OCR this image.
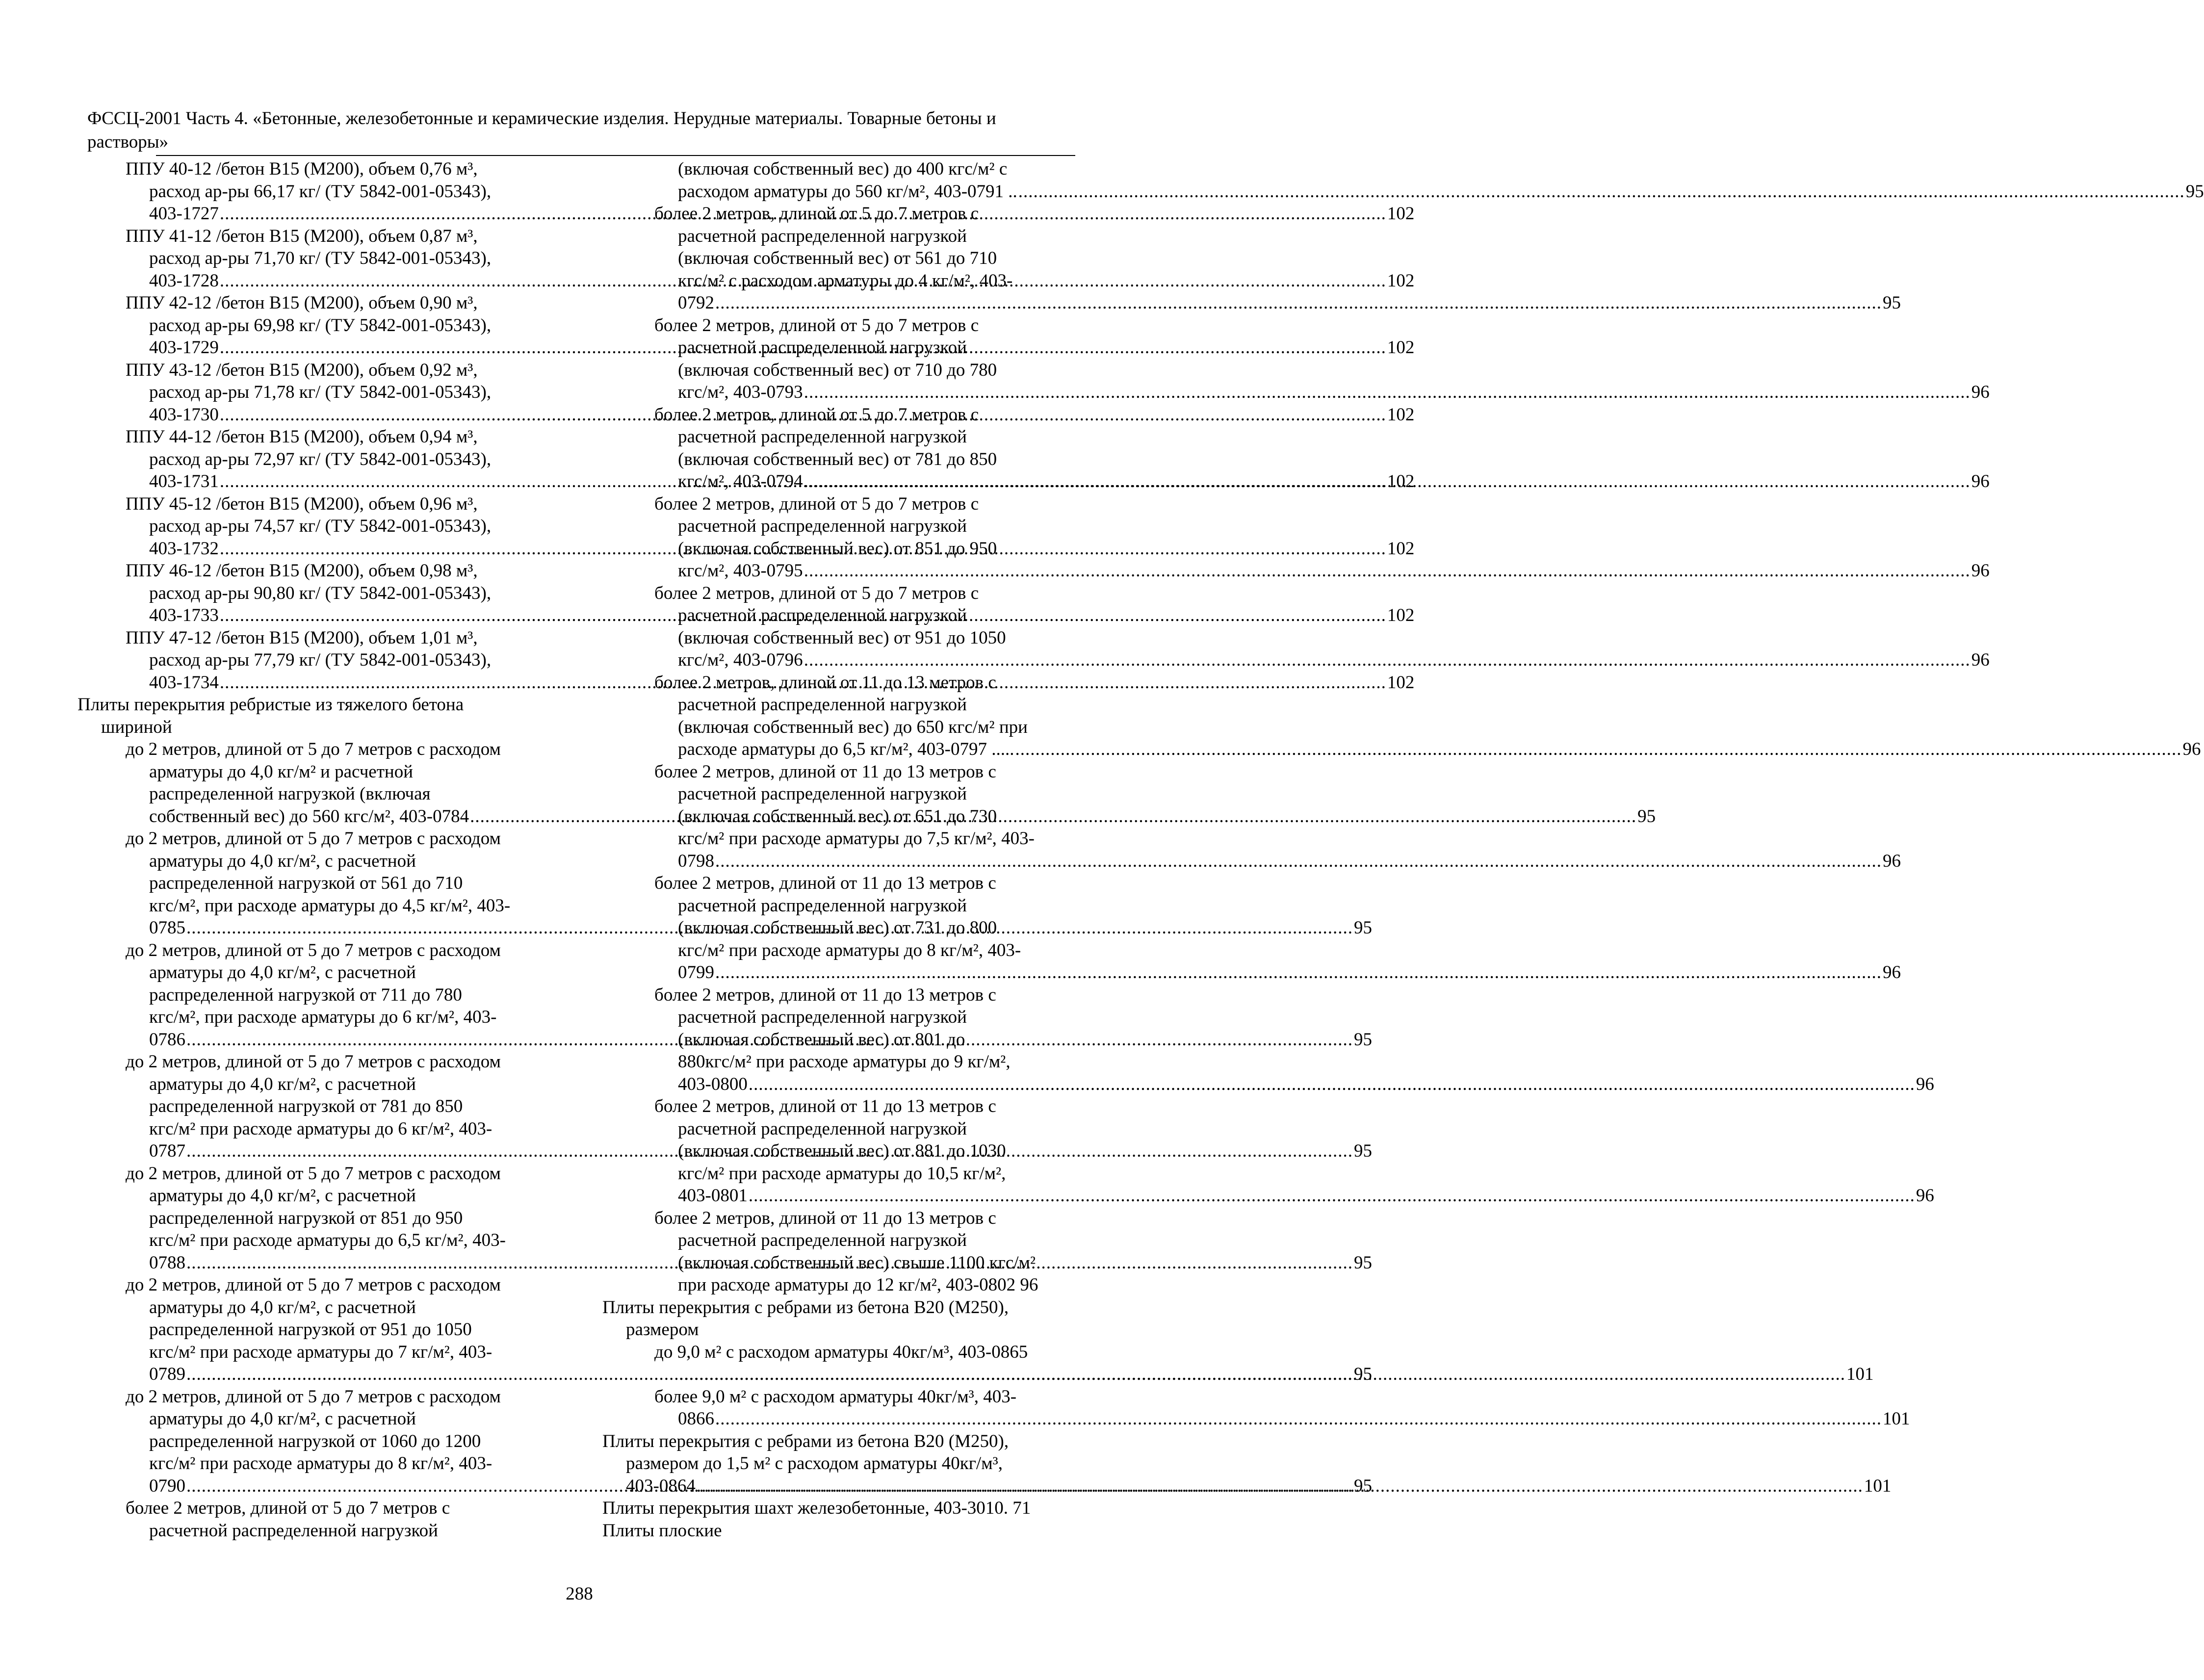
ФССЦ-2001 Часть 4. «Бетонные, железобетонные и керамические изделия. Нерудные материалы. Товарные бетоны и
растворы»
ППУ 40-12 /бетон В15 (М200), объем 0,76 м³,
расход ар-ры 66,17 кг/ (ТУ 5842-001-05343),
403-1727 .....	102
ППУ 41-12 /бетон В15 (М200), объем 0,87 м³,
расход ар-ры 71,70 кг/ (ТУ 5842-001-05343),
403-1728 .....	102
ППУ 42-12 /бетон В15 (М200), объем 0,90 м³,
расход ар-ры 69,98 кг/ (ТУ 5842-001-05343),
403-1729 .....	102
ППУ 43-12 /бетон В15 (М200), объем 0,92 м³,
расход ар-ры 71,78 кг/ (ТУ 5842-001-05343),
403-1730 .....	102
ППУ 44-12 /бетон В15 (М200), объем 0,94 м³,
расход ар-ры 72,97 кг/ (ТУ 5842-001-05343),
403-1731 .....	102
ППУ 45-12 /бетон В15 (М200), объем 0,96 м³,
расход ар-ры 74,57 кг/ (ТУ 5842-001-05343),
403-1732 .....	102
ППУ 46-12 /бетон В15 (М200), объем 0,98 м³,
расход ар-ры 90,80 кг/ (ТУ 5842-001-05343),
403-1733 .....	102
ППУ 47-12 /бетон В15 (М200), объем 1,01 м³,
расход ар-ры 77,79 кг/ (ТУ 5842-001-05343),
403-1734 .....	102
Плиты перекрытия ребристые из тяжелого бетона
шириной
до 2 метров, длиной от 5 до 7 метров с расходом
арматуры до 4,0 кг/м² и расчетной
распределенной нагрузкой (включая
собственный вес) до 560 кгс/м², 403-0784 .....	95
до 2 метров, длиной от 5 до 7 метров с расходом
арматуры до 4,0 кг/м², с расчетной
распределенной нагрузкой от 561 до 710
кгс/м², при расходе арматуры до 4,5 кг/м², 403-
0785 .....	95
до 2 метров, длиной от 5 до 7 метров с расходом
арматуры до 4,0 кг/м², с расчетной
распределенной нагрузкой от 711 до 780
кгс/м², при расходе арматуры до 6 кг/м², 403-
0786 .....	95
до 2 метров, длиной от 5 до 7 метров с расходом
арматуры до 4,0 кг/м², с расчетной
распределенной нагрузкой от 781 до 850
кгс/м² при расходе арматуры до 6 кг/м², 403-
0787 .....	95
до 2 метров, длиной от 5 до 7 метров с расходом
арматуры до 4,0 кг/м², с расчетной
распределенной нагрузкой от 851 до 950
кгс/м² при расходе арматуры до 6,5 кг/м², 403-
0788 .....	95
до 2 метров, длиной от 5 до 7 метров с расходом
арматуры до 4,0 кг/м², с расчетной
распределенной нагрузкой от 951 до 1050
кгс/м² при расходе арматуры до 7 кг/м², 403-
0789 .....	95
до 2 метров, длиной от 5 до 7 метров с расходом
арматуры до 4,0 кг/м², с расчетной
распределенной нагрузкой от 1060 до 1200
кгс/м² при расходе арматуры до 8 кг/м², 403-
0790 .....	95
более 2 метров, длиной от 5 до 7 метров с
расчетной распределенной нагрузкой
(включая собственный вес) до 400 кгс/м² с
расходом арматуры до 560 кг/м², 403-0791 .. .....	95
более 2 метров, длиной от 5 до 7 метров с
расчетной распределенной нагрузкой
(включая собственный вес) от 561 до 710
кгс/м² с расходом арматуры до 4 кг/м², 403-
0792 .....	95
более 2 метров, длиной от 5 до 7 метров с
расчетной распределенной нагрузкой
(включая собственный вес) от 710 до 780
кгс/м², 403-0793 .....	96
более 2 метров, длиной от 5 до 7 метров с
расчетной распределенной нагрузкой
(включая собственный вес) от 781 до 850
кгс/м², 403-0794 .....	96
более 2 метров, длиной от 5 до 7 метров с
расчетной распределенной нагрузкой
(включая собственный вес) от 851 до 950
кгс/м², 403-0795 .....	96
более 2 метров, длиной от 5 до 7 метров с
расчетной распределенной нагрузкой
(включая собственный вес) от 951 до 1050
кгс/м², 403-0796 .....	96
более 2 метров, длиной от 11 до 13 метров с
расчетной распределенной нагрузкой
(включая собственный вес) до 650 кгс/м² при
расходе арматуры до 6,5 кг/м², 403-0797 ..... .....	96
более 2 метров, длиной от 11 до 13 метров с
расчетной распределенной нагрузкой
(включая собственный вес) от 651 до 730
кгс/м² при расходе арматуры до 7,5 кг/м², 403-
0798 .....	96
более 2 метров, длиной от 11 до 13 метров с
расчетной распределенной нагрузкой
(включая собственный вес) от 731 до 800
кгс/м² при расходе арматуры до 8 кг/м², 403-
0799 .....	96
более 2 метров, длиной от 11 до 13 метров с
расчетной распределенной нагрузкой
(включая собственный вес) от 801 до
880кгс/м² при расходе арматуры до 9 кг/м²,
403-0800 .....	96
более 2 метров, длиной от 11 до 13 метров с
расчетной распределенной нагрузкой
(включая собственный вес) от 881 до 1030
кгс/м² при расходе арматуры до 10,5 кг/м²,
403-0801 .....	96
более 2 метров, длиной от 11 до 13 метров с
расчетной распределенной нагрузкой
(включая собственный вес) свыше 1100 кгс/м²
при расходе арматуры до 12 кг/м², 403-0802 96
Плиты перекрытия с ребрами из бетона В20 (М250),
размером
до 9,0 м² с расходом арматуры 40кг/м³, 403-0865
.....101
более 9,0 м² с расходом арматуры 40кг/м³, 403-
0866 .....	101
Плиты перекрытия с ребрами из бетона В20 (М250),
размером до 1,5 м² с расходом арматуры 40кг/м³,
403-0864 .....	101
Плиты перекрытия шахт железобетонные, 403-3010. 71
Плиты плоские
288
